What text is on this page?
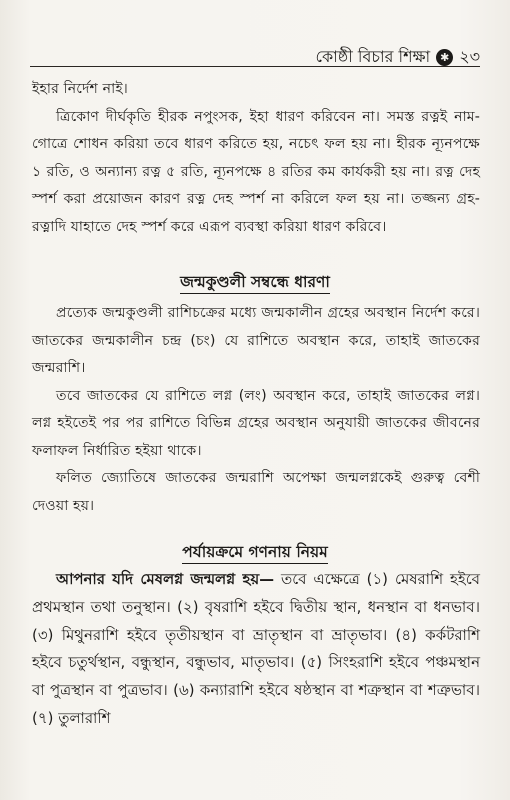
কোষ্ঠী বিচার শিক্ষা ✱ ২৩

ইহার নির্দেশ নাই।

ত্রিকোণ দীর্ঘকৃতি হীরক নপুংসক, ইহা ধারণ করিবেন না। সমস্ত রত্নই নাম-গোত্রে শোধন করিয়া তবে ধারণ করিতে হয়, নচেৎ ফল হয় না। হীরক ন্যূনপক্ষে ১ রতি, ও অন্যান্য রত্ন ৫ রতি, ন্যূনপক্ষে ৪ রতির কম কার্যকরী হয় না। রত্ন দেহ স্পর্শ করা প্রয়োজন কারণ রত্ন দেহ স্পর্শ না করিলে ফল হয় না। তজ্জন্য গ্রহ-রত্নাদি যাহাতে দেহ স্পর্শ করে এরূপ ব্যবস্থা করিয়া ধারণ করিবে।

জন্মকুণ্ডলী সম্বন্ধে ধারণা

প্রত্যেক জন্মকুণ্ডলী রাশিচক্রের মধ্যে জন্মকালীন গ্রহের অবস্থান নির্দেশ করে। জাতকের জন্মকালীন চন্দ্র (চং) যে রাশিতে অবস্থান করে, তাহাই জাতকের জন্মরাশি।

তবে জাতকের যে রাশিতে লগ্ন (লং) অবস্থান করে, তাহাই জাতকের লগ্ন। লগ্ন হইতেই পর পর রাশিতে বিভিন্ন গ্রহের অবস্থান অনুযায়ী জাতকের জীবনের ফলাফল নির্ধারিত হইয়া থাকে।

ফলিত জ্যোতিষে জাতকের জন্মরাশি অপেক্ষা জন্মলগ্নকেই গুরুত্ব বেশী দেওয়া হয়।

পর্যায়ক্রমে গণনায় নিয়ম

আপনার যদি মেষলগ্ন জন্মলগ্ন হয়— তবে এক্ষেত্রে (১) মেষরাশি হইবে প্রথমস্থান তথা তনুস্থান। (২) বৃষরাশি হইবে দ্বিতীয় স্থান, ধনস্থান বা ধনভাব। (৩) মিথুনরাশি হইবে তৃতীয়স্থান বা ভ্রাতৃস্থান বা ভ্রাতৃভাব। (৪) কর্কটরাশি হইবে চতুর্থস্থান, বন্ধুস্থান, বন্ধুভাব, মাতৃভাব। (৫) সিংহরাশি হইবে পঞ্চমস্থান বা পুত্রস্থান বা পুত্রভাব। (৬) কন্যারাশি হইবে ষষ্ঠস্থান বা শত্রুস্থান বা শত্রুভাব। (৭) তুলারাশি
